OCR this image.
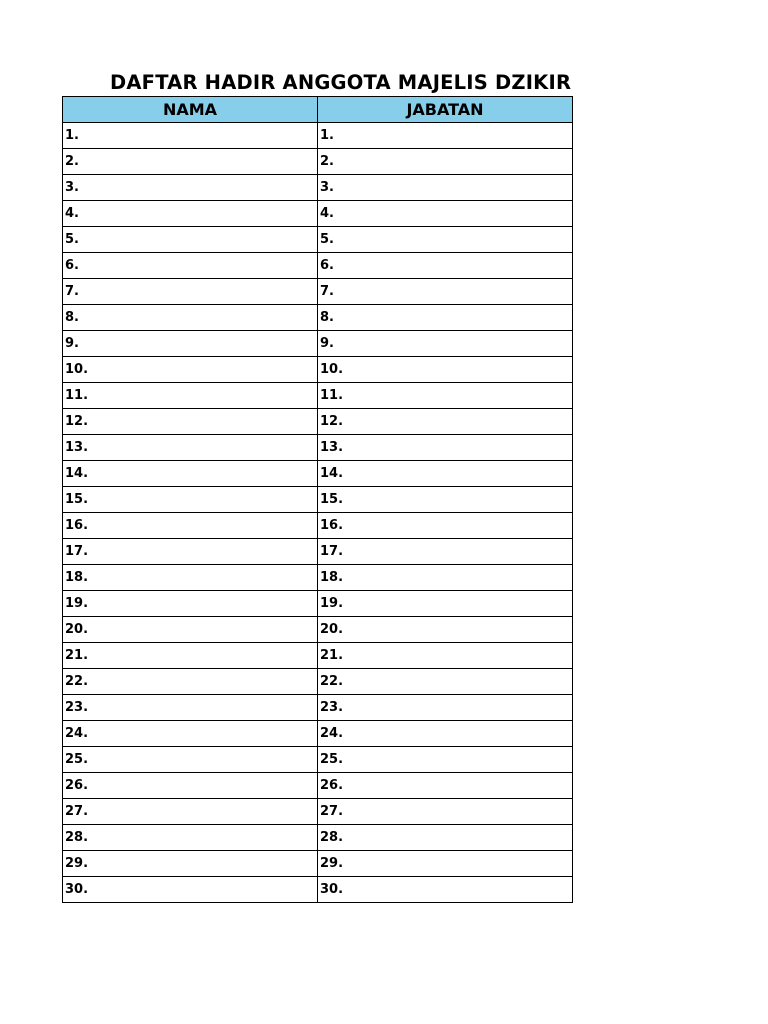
DAFTAR HADIR ANGGOTA MAJELIS DZIKIR
NAMA	JABATAN
1.	1.
2.	2.
3.	3.
4.	4.
5.	5.
6.	6.
7.	7.
8.	8.
9.	9.
10.	10.
11.	11.
12.	12.
13.	13.
14.	14.
15.	15.
16.	16.
17.	17.
18.	18.
19.	19.
20.	20.
21.	21.
22.	22.
23.	23.
24.	24.
25.	25.
26.	26.
27.	27.
28.	28.
29.	29.
30.	30.
